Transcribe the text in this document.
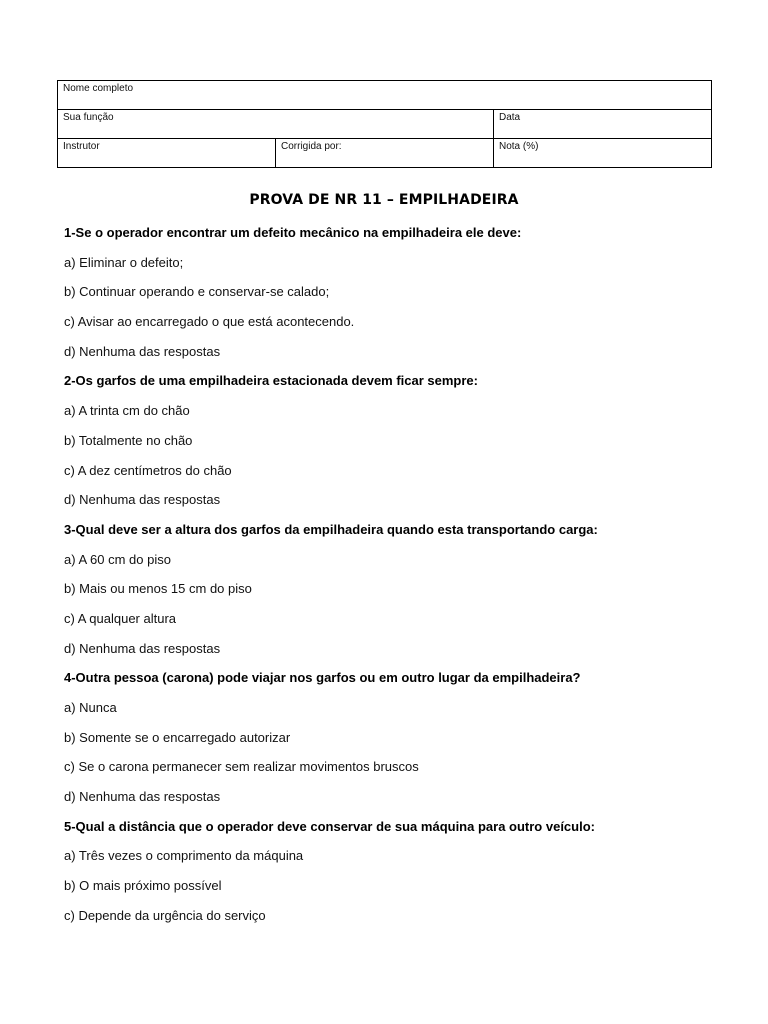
Nome completo		
Sua função		Data
Instrutor	Corrigida por:	Nota (%)
PROVA DE NR 11 – EMPILHADEIRA
1-Se o operador encontrar um defeito mecânico na empilhadeira ele deve:
a) Eliminar o defeito;
b) Continuar operando e conservar-se calado;
c) Avisar ao encarregado o que está acontecendo.
d) Nenhuma das respostas
2-Os garfos de uma empilhadeira estacionada devem ficar sempre:
a) A trinta cm do chão
b) Totalmente no chão
c) A dez centímetros do chão
d) Nenhuma das respostas
3-Qual deve ser a altura dos garfos da empilhadeira quando esta transportando carga:
a) A 60 cm do piso
b) Mais ou menos 15 cm do piso
c) A qualquer altura
d) Nenhuma das respostas
4-Outra pessoa (carona) pode viajar nos garfos ou em outro lugar da empilhadeira?
a) Nunca
b) Somente se o encarregado autorizar
c) Se o carona permanecer sem realizar movimentos bruscos
d) Nenhuma das respostas
5-Qual a distância que o operador deve conservar de sua máquina para outro veículo:
a) Três vezes o comprimento da máquina
b) O mais próximo possível
c) Depende da urgência do serviço
